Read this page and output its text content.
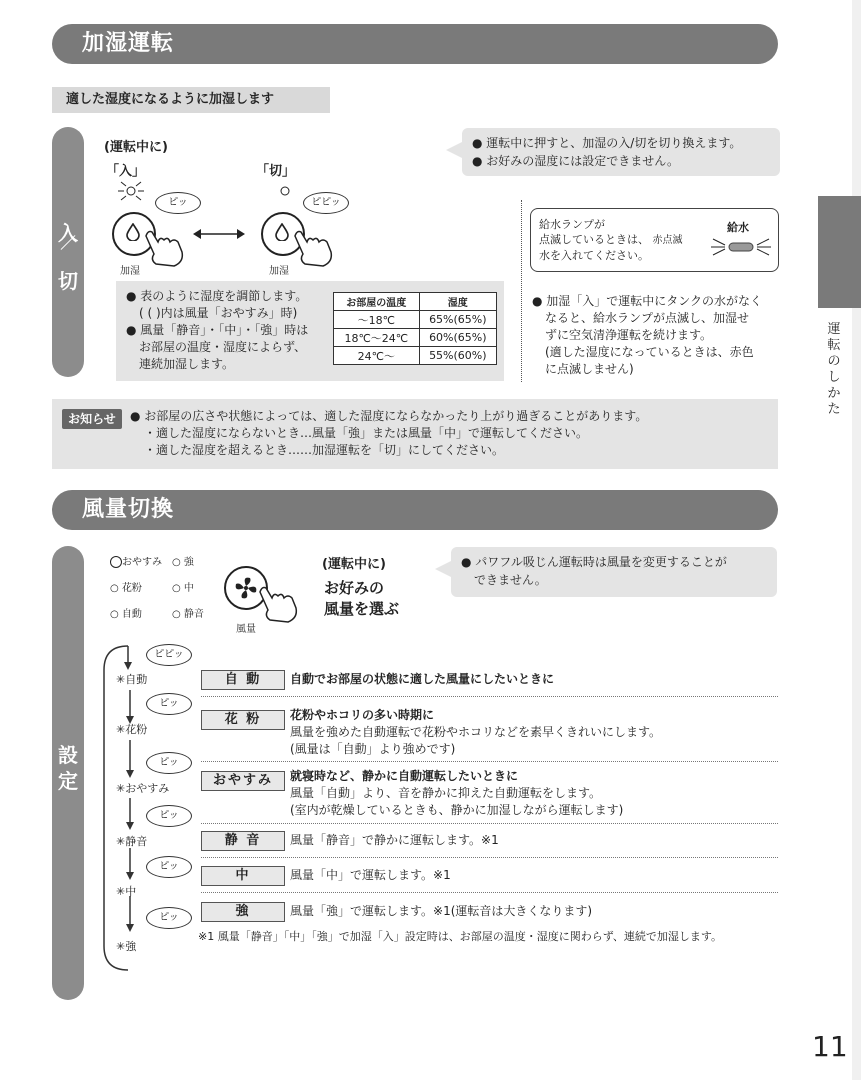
加湿運転
適した湿度になるように加湿します
入
切
(運転中に)
「入」	「切」
ピッ	ピピッ
加湿	加湿
● 運転中に押すと、加湿の入/切を切り換えます。
● お好みの湿度には設定できません。
● 表のように湿度を調節します。
( ( )内は風量「おやすみ」時)
● 風量「静音」・「中」・「強」時は
お部屋の温度・湿度によらず、
連続加湿します。
お部屋の温度	湿度
～18℃	65%(65%)
18℃～24℃	60%(65%)
24℃～	55%(60%)
給水ランプが
点滅しているときは、 赤点滅
水を入れてください。
給水
● 加湿「入」で運転中にタンクの水がなく
なると、給水ランプが点滅し、加湿せ
ずに空気清浄運転を続けます。
(適した湿度になっているときは、赤色
に点滅しません)
お知らせ	● お部屋の広さや状態によっては、適した湿度にならなかったり上がり過ぎることがあります。
・適した湿度にならないとき…風量「強」または風量「中」で運転してください。
・適した湿度を超えるとき……加湿運転を「切」にしてください。
風量切換
設定
おやすみ ○ 強
○ 花粉	○ 中
○ 自動	○ 静音
風量
(運転中に)
お好みの
風量を選ぶ
● パワフル吸じん運転時は風量を変更することが
できません。
ピピッ
✳自動
ピッ
✳花粉
ピッ
✳おやすみ
ピッ
✳静音
ピッ
✳中
ピッ
✳強
自 動	自動でお部屋の状態に適した風量にしたいときに
花 粉	花粉やホコリの多い時期に
風量を強めた自動運転で花粉やホコリなどを素早くきれいにします。
(風量は「自動」より強めです)
おやすみ	就寝時など、静かに自動運転したいときに
風量「自動」より、音を静かに抑えた自動運転をします。
(室内が乾燥しているときも、静かに加湿しながら運転します)
静 音	風量「静音」で静かに運転します。※1
中	風量「中」で運転します。※1
強	風量「強」で運転します。※1(運転音は大きくなります)
※1 風量「静音」「中」「強」で加湿「入」設定時は、お部屋の温度・湿度に関わらず、連続で加湿します。
運転のしかた
11
